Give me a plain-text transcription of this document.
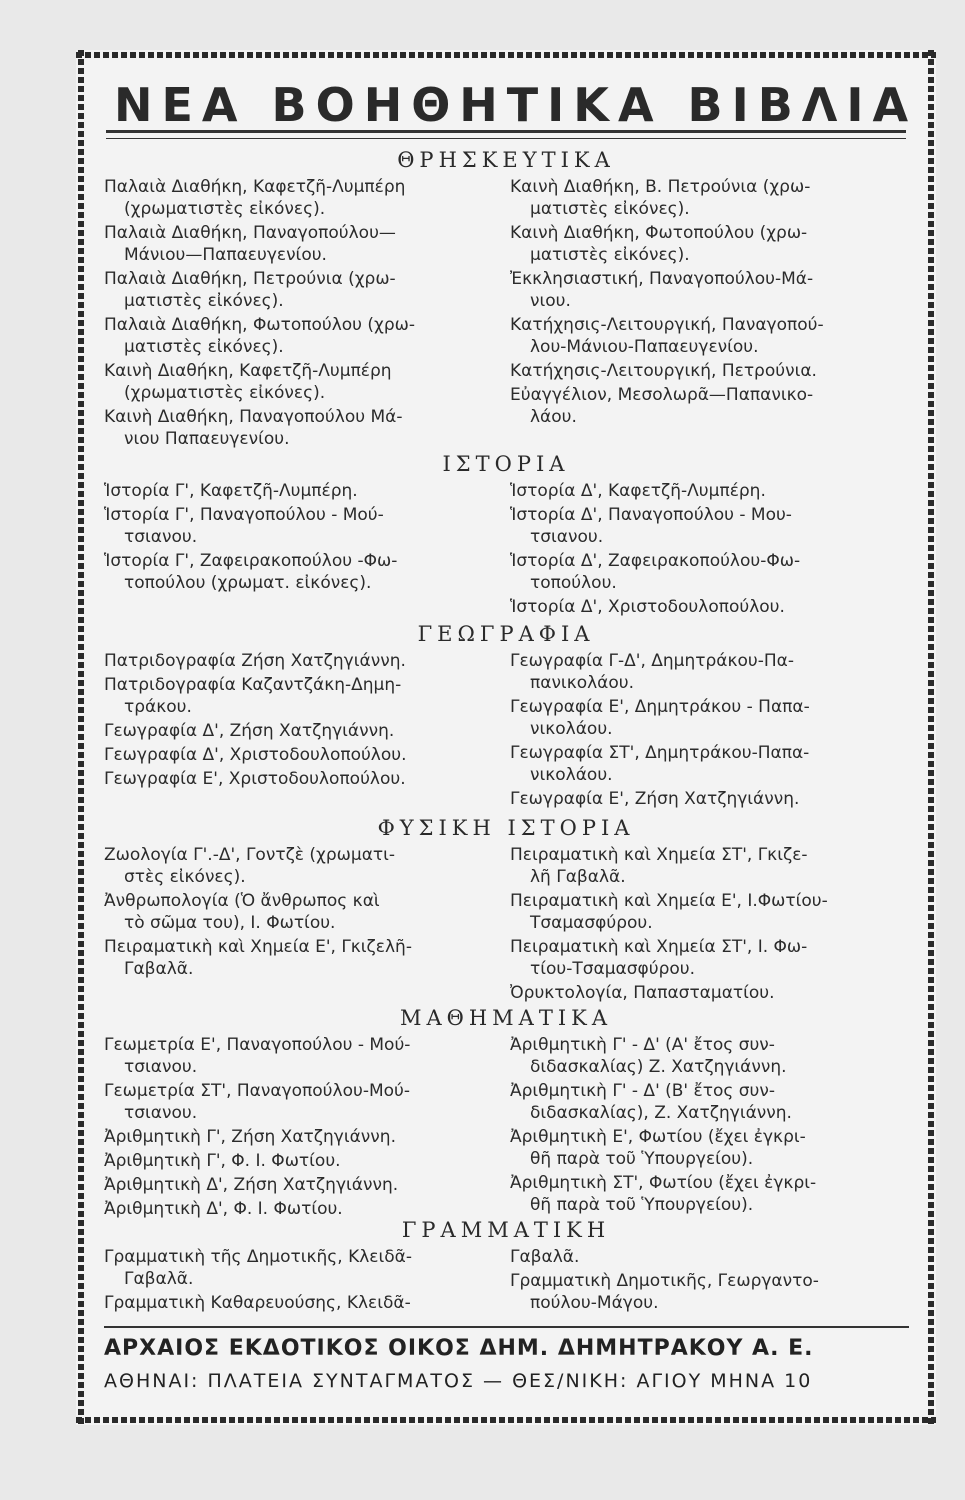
ΝΕΑ ΒΟΗΘΗΤΙΚΑ ΒΙΒΛΙΑ
ΘΡΗΣΚΕΥΤΙΚΑ
Παλαιὰ Διαθήκη, Καφετζῆ-Λυμπέρη
(χρωματιστὲς εἰκόνες).
Παλαιὰ Διαθήκη, Παναγοπούλου—
Μάνιου—Παπαευγενίου.
Παλαιὰ Διαθήκη, Πετρούνια (χρω-
ματιστὲς εἰκόνες).
Παλαιὰ Διαθήκη, Φωτοπούλου (χρω-
ματιστὲς εἰκόνες).
Καινὴ Διαθήκη, Καφετζῆ-Λυμπέρη
(χρωματιστὲς εἰκόνες).
Καινὴ Διαθήκη, Παναγοπούλου Μά-
νιου Παπαευγενίου.
Καινὴ Διαθήκη, Β. Πετρούνια (χρω-
ματιστὲς εἰκόνες).
Καινὴ Διαθήκη, Φωτοπούλου (χρω-
ματιστὲς εἰκόνες).
Ἐκκλησιαστική, Παναγοπούλου-Μά-
νιου.
Κατήχησις-Λειτουργική, Παναγοπού-
λου-Μάνιου-Παπαευγενίου.
Κατήχησις-Λειτουργική, Πετρούνια.
Εὐαγγέλιον, Μεσολωρᾶ—Παπανικο-
λάου.
ΙΣΤΟΡΙΑ
Ἱστορία Γ', Καφετζῆ-Λυμπέρη.
Ἱστορία Γ', Παναγοπούλου - Μού-
τσιανου.
Ἱστορία Γ', Ζαφειρακοπούλου -Φω-
τοπούλου (χρωματ. εἰκόνες).
Ἱστορία Δ', Καφετζῆ-Λυμπέρη.
Ἱστορία Δ', Παναγοπούλου - Μου-
τσιανου.
Ἱστορία Δ', Ζαφειρακοπούλου-Φω-
τοπούλου.
Ἱστορία Δ', Χριστοδουλοπούλου.
ΓΕΩΓΡΑΦΙΑ
Πατριδογραφία Ζήση Χατζηγιάννη.
Πατριδογραφία Καζαντζάκη-Δημη-
τράκου.
Γεωγραφία Δ', Ζήση Χατζηγιάννη.
Γεωγραφία Δ', Χριστοδουλοπούλου.
Γεωγραφία Ε', Χριστοδουλοπούλου.
Γεωγραφία Γ-Δ', Δημητράκου-Πα-
πανικολάου.
Γεωγραφία Ε', Δημητράκου - Παπα-
νικολάου.
Γεωγραφία ΣΤ', Δημητράκου-Παπα-
νικολάου.
Γεωγραφία Ε', Ζήση Χατζηγιάννη.
ΦΥΣΙΚΗ ΙΣΤΟΡΙΑ
Ζωολογία Γ'.-Δ', Γοντζὲ (χρωματι-
στὲς εἰκόνες).
Ἀνθρωπολογία (Ὁ ἄνθρωπος καὶ
τὸ σῶμα του), Ι. Φωτίου.
Πειραματικὴ καὶ Χημεία Ε', Γκιζελῆ-
Γαβαλᾶ.
Πειραματικὴ καὶ Χημεία ΣΤ', Γκιζε-
λῆ Γαβαλᾶ.
Πειραματικὴ καὶ Χημεία Ε', Ι.Φωτίου-
Τσαμασφύρου.
Πειραματικὴ καὶ Χημεία ΣΤ', Ι. Φω-
τίου-Τσαμασφύρου.
Ὀρυκτολογία, Παπασταματίου.
ΜΑΘΗΜΑΤΙΚΑ
Γεωμετρία Ε', Παναγοπούλου - Μού-
τσιανου.
Γεωμετρία ΣΤ', Παναγοπούλου-Μού-
τσιανου.
Ἀριθμητικὴ Γ', Ζήση Χατζηγιάννη.
Ἀριθμητικὴ Γ', Φ. Ι. Φωτίου.
Ἀριθμητικὴ Δ', Ζήση Χατζηγιάννη.
Ἀριθμητικὴ Δ', Φ. Ι. Φωτίου.
Ἀριθμητικὴ Γ' - Δ' (Α' ἔτος συν-
διδασκαλίας) Ζ. Χατζηγιάννη.
Ἀριθμητικὴ Γ' - Δ' (Β' ἔτος συν-
διδασκαλίας), Ζ. Χατζηγιάννη.
Ἀριθμητικὴ Ε', Φωτίου (ἔχει ἐγκρι-
θῆ παρὰ τοῦ Ὑπουργείου).
Ἀριθμητικὴ ΣΤ', Φωτίου (ἔχει ἐγκρι-
θῆ παρὰ τοῦ Ὑπουργείου).
ΓΡΑΜΜΑΤΙΚΗ
Γραμματικὴ τῆς Δημοτικῆς, Κλειδᾶ-
Γαβαλᾶ.
Γραμματικὴ Καθαρευούσης, Κλειδᾶ-
Γαβαλᾶ.
Γραμματικὴ Δημοτικῆς, Γεωργαντο-
πούλου-Μάγου.
ΑΡΧΑΙΟΣ ΕΚΔΟΤΙΚΟΣ ΟΙΚΟΣ ΔΗΜ. ΔΗΜΗΤΡΑΚΟΥ Α. Ε.
ΑΘΗΝΑΙ: ΠΛΑΤΕΙΑ ΣΥΝΤΑΓΜΑΤΟΣ — ΘΕΣ/ΝΙΚΗ: ΑΓΙΟΥ ΜΗΝΑ 10
